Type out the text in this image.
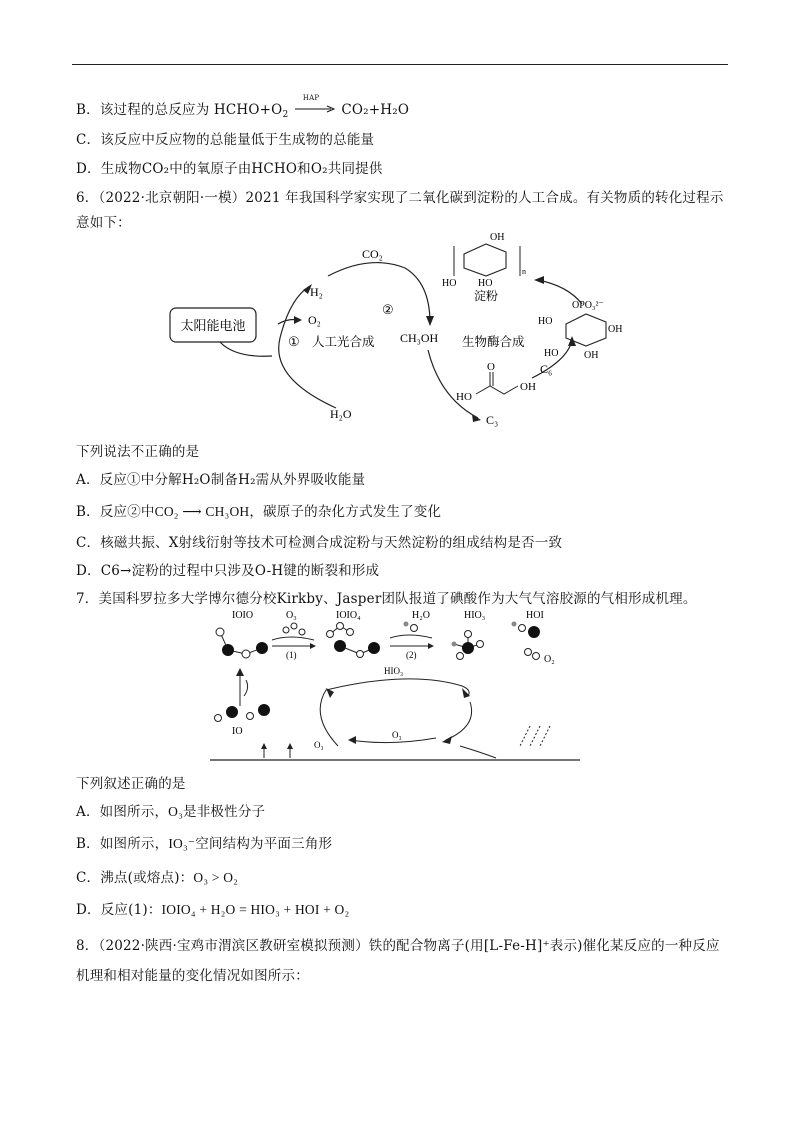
B．该过程的总反应为 $HCHO+O_2$
HAP
CO₂+H₂O
C．该反应中反应物的总能量低于生成物的总能量
D．生成物CO₂中的氧原子由HCHO和O₂共同提供
6．（2022·北京朝阳·一模）2021 年我国科学家实现了二氧化碳到淀粉的人工合成。有关物质的转化过程示
意如下：
太阳能电池
H₂
O₂
① 人工光合成
H₂O
CO₂
②
CH₃OH
HO
O
OH
C₃
C₆
生物酶合成
OPO₃²⁻
HO
OH
OH
HO
n
OH
HO HO
淀粉
下列说法不正确的是
A．反应①中分解H₂O制备H₂需从外界吸收能量
B．反应②中CO₂ ⟶ CH₃OH，碳原子的杂化方式发生了变化
C．核磁共振、X射线衍射等技术可检测合成淀粉与天然淀粉的组成结构是否一致
D．C6→淀粉的过程中只涉及O-H键的断裂和形成
7．美国科罗拉多大学博尔德分校Kirkby、Jasper团队报道了碘酸作为大气气溶胶源的气相形成机理。
IOIO	O₃
(1)
IOIO₄	H₂O
(2)
HIO₃	HOI
O₂
IO
HIO₃
O₃
O₃
下列叙述正确的是
A．如图所示，O₃是非极性分子
B．如图所示，IO₃⁻空间结构为平面三角形
C．沸点(或熔点)：O₃ > O₂
D．反应(1)：IOIO₄ + H₂O = HIO₃ + HOI + O₂
8．（2022·陕西·宝鸡市渭滨区教研室模拟预测）铁的配合物离子(用[L-Fe-H]⁺表示)催化某反应的一种反应
机理和相对能量的变化情况如图所示：
